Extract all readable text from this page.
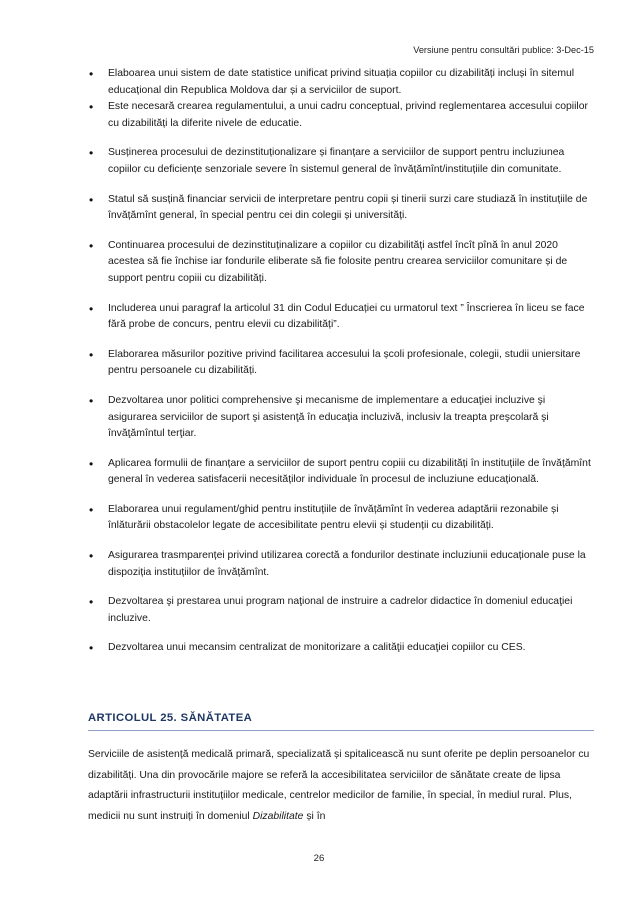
Versiune pentru consultări publice: 3-Dec-15
• Elaboarea unui sistem de date statistice unificat privind situația copiilor cu dizabilități incluși în sitemul educațional din Republica Moldova dar și a serviciilor de suport.
• Este necesară crearea regulamentului, a unui cadru conceptual, privind reglementarea accesului copiilor cu dizabilități la diferite nivele de educatie.
• Susținerea procesului de dezinstituționalizare și finanțare a serviciilor de support pentru incluziunea copiilor cu deficiențe senzoriale severe în sistemul general de învățămînt/instituțiile din comunitate.
• Statul să susțină financiar servicii de interpretare pentru copii și tinerii surzi care studiază în instituțiile de învățămînt general, în special pentru cei din colegii și universități.
• Continuarea procesului de dezinstituținalizare a copiilor cu dizabilități astfel încît pînă în anul 2020 acestea să fie închise iar fondurile eliberate să fie folosite pentru crearea serviciilor comunitare și de support pentru copiii cu dizabilități.
• Includerea unui paragraf la articolul 31 din Codul Educației cu urmatorul text ” Înscrierea în liceu se face fără probe de concurs, pentru elevii cu dizabilități”.
• Elaborarea măsurilor pozitive privind facilitarea accesului la școli profesionale, colegii, studii uniersitare pentru persoanele cu dizabilități.
• Dezvoltarea unor politici comprehensive şi mecanisme de implementare a educaţiei incluzive şi asigurarea serviciilor de suport şi asistenţă în educaţia incluzivă, inclusiv la treapta preşcolară şi învăţămîntul terţiar.
• Aplicarea formulii de finanțare a serviciilor de suport pentru copiii cu dizabilități în instituțiile de învățămînt general în vederea satisfacerii necesităților individuale în procesul de incluziune educațională.
• Elaborarea unui regulament/ghid pentru instituțiile de învățămînt în vederea adaptării rezonabile și înlăturării obstacolelor legate de accesibilitate pentru elevii și studenții cu dizabilități.
• Asigurarea trasmparenței privind utilizarea corectă a fondurilor destinate incluziunii educaționale puse la dispoziția instituțiilor de învățămînt.
• Dezvoltarea şi prestarea unui program naţional de instruire a cadrelor didactice în domeniul educaţiei incluzive.
• Dezvoltarea unui mecansim centralizat de monitorizare a calităţii educaţiei copiilor cu CES.
ARTICOLUL 25. SĂNĂTATEA

Serviciile de asistență medicală primară, specializată și spitalicească nu sunt oferite pe deplin persoanelor cu dizabilități. Una din provocările majore se referă la accesibilitatea serviciilor de sănătate create de lipsa adaptării infrastructurii instituțiilor medicale, centrelor medicilor de familie, în special, în mediul rural. Plus, medicii nu sunt instruiți în domeniul Dizabilitate și în

26
